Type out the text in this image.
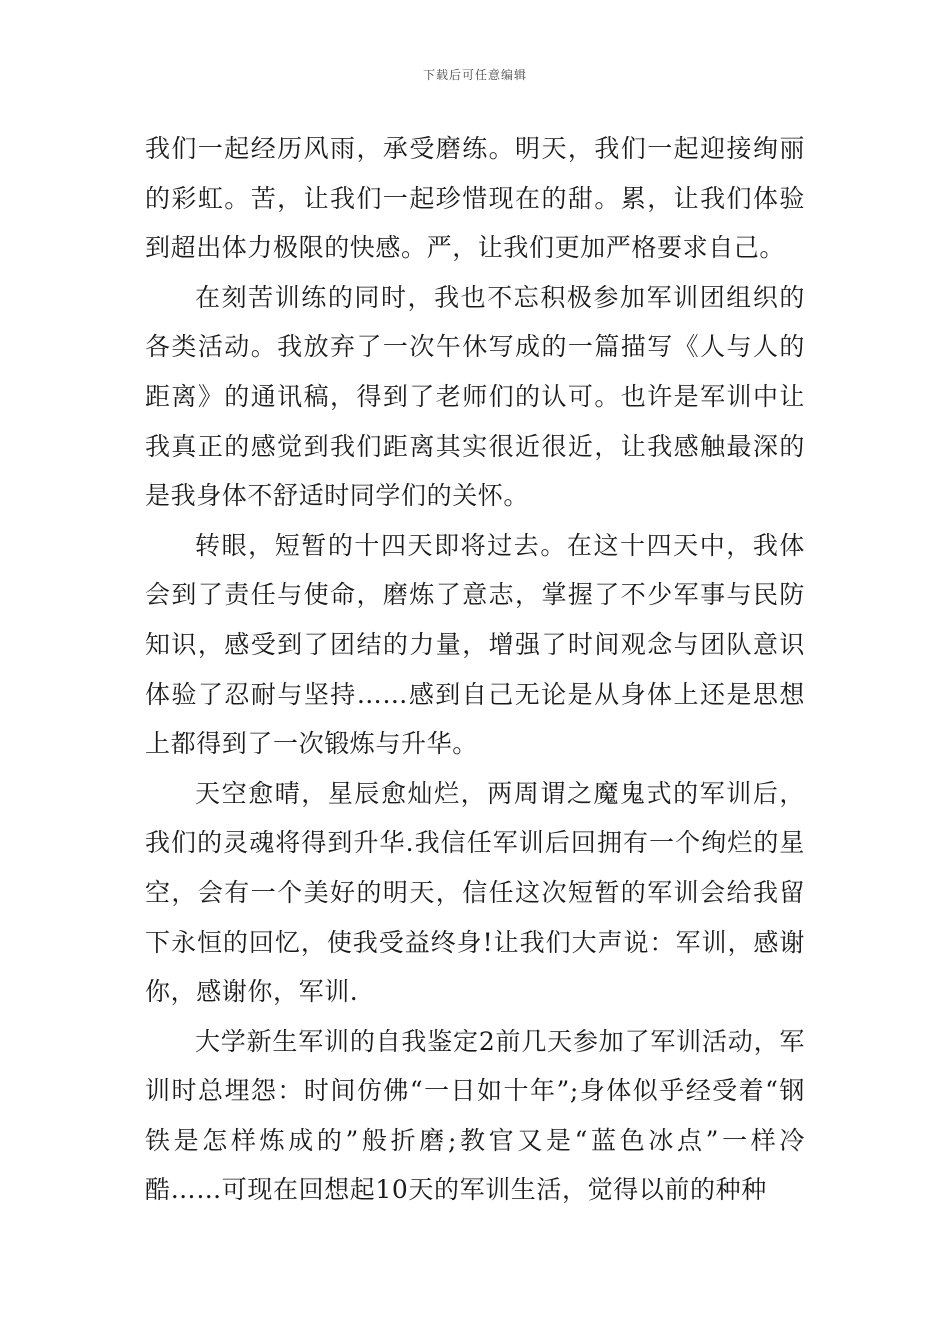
下载后可任意编辑

我们一起经历风雨，承受磨练。明天，我们一起迎接绚丽的彩虹。苦，让我们一起珍惜现在的甜。累，让我们体验到超出体力极限的快感。严，让我们更加严格要求自己。

在刻苦训练的同时，我也不忘积极参加军训团组织的各类活动。我放弃了一次午休写成的一篇描写《人与人的距离》的通讯稿，得到了老师们的认可。也许是军训中让我真正的感觉到我们距离其实很近很近，让我感触最深的是我身体不舒适时同学们的关怀。

转眼，短暂的十四天即将过去。在这十四天中，我体会到了责任与使命，磨炼了意志，掌握了不少军事与民防知识，感受到了团结的力量，增强了时间观念与团队意识体验了忍耐与坚持……感到自己无论是从身体上还是思想上都得到了一次锻炼与升华。

天空愈晴，星辰愈灿烂，两周谓之魔鬼式的军训后，我们的灵魂将得到升华.我信任军训后回拥有一个绚烂的星空，会有一个美好的明天，信任这次短暂的军训会给我留下永恒的回忆，使我受益终身!让我们大声说：军训，感谢你，感谢你，军训.

大学新生军训的自我鉴定2前几天参加了军训活动，军训时总埋怨：时间仿佛“一日如十年”;身体似乎经受着“钢铁是怎样炼成的”般折磨;教官又是“蓝色冰点”一样冷酷……可现在回想起10天的军训生活，觉得以前的种种
